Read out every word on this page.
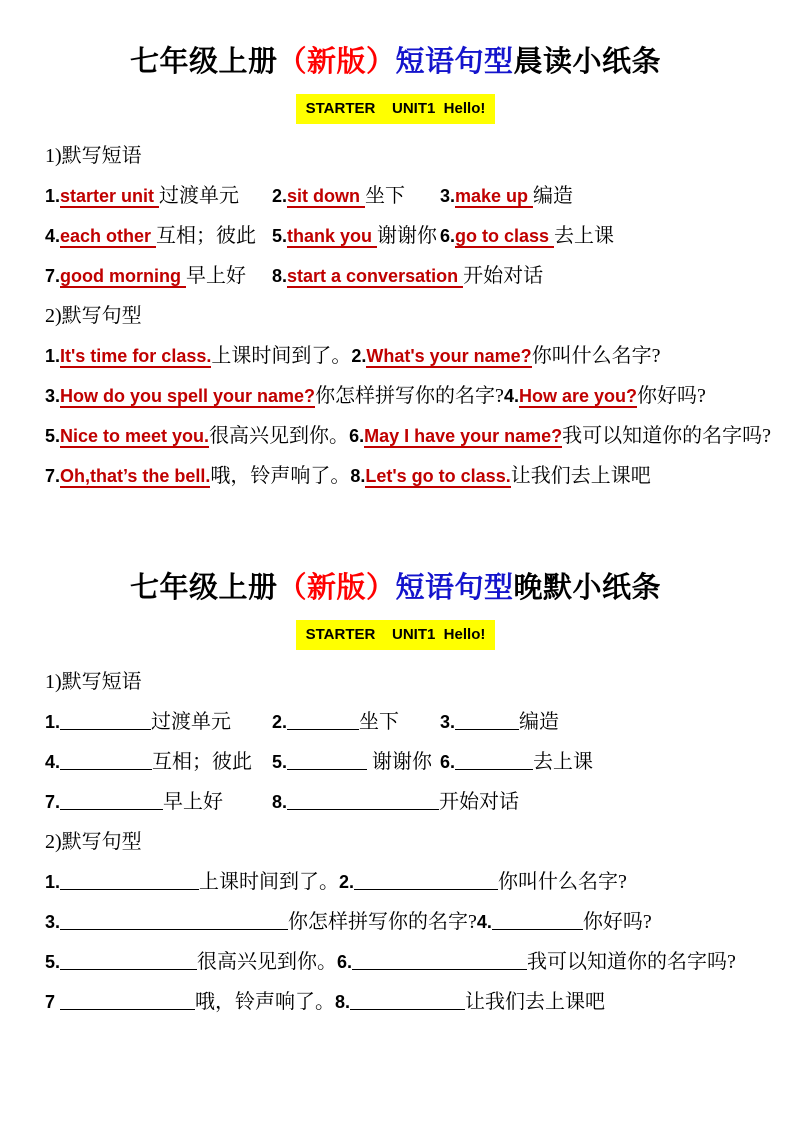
七年级上册（新版）短语句型晨读小纸条
STARTER    UNIT1  Hello!
1)默写短语
1.starter unit 过渡单元 2.sit down 坐下 3.make up 编造
4.each other 互相；彼此 5.thank you 谢谢你 6.go to class 去上课
7.good morning 早上好 8.start a conversation 开始对话
2)默写句型
1.It's time for class.上课时间到了。2.What's your name?你叫什么名字?
3.How do you spell your name?你怎样拼写你的名字?4.How are you?你好吗?
5.Nice to meet you.很高兴见到你。6.May I have your name?我可以知道你的名字吗?
7.Oh,that’s the bell.哦，铃声响了。8.Let's go to class.让我们去上课吧
七年级上册（新版）短语句型晚默小纸条
STARTER    UNIT1  Hello!
1)默写短语
1.	过渡单元 2.	坐下 3.	编造
4.	互相；彼此 5.	谢谢你 6.	去上课
7.	早上好	8.	开始对话
2)默写句型
1.	上课时间到了。2.	你叫什么名字?
3.	你怎样拼写你的名字?4.	你好吗?
5.	很高兴见到你。6.	我可以知道你的名字吗?
7	哦，铃声响了。8.	让我们去上课吧
